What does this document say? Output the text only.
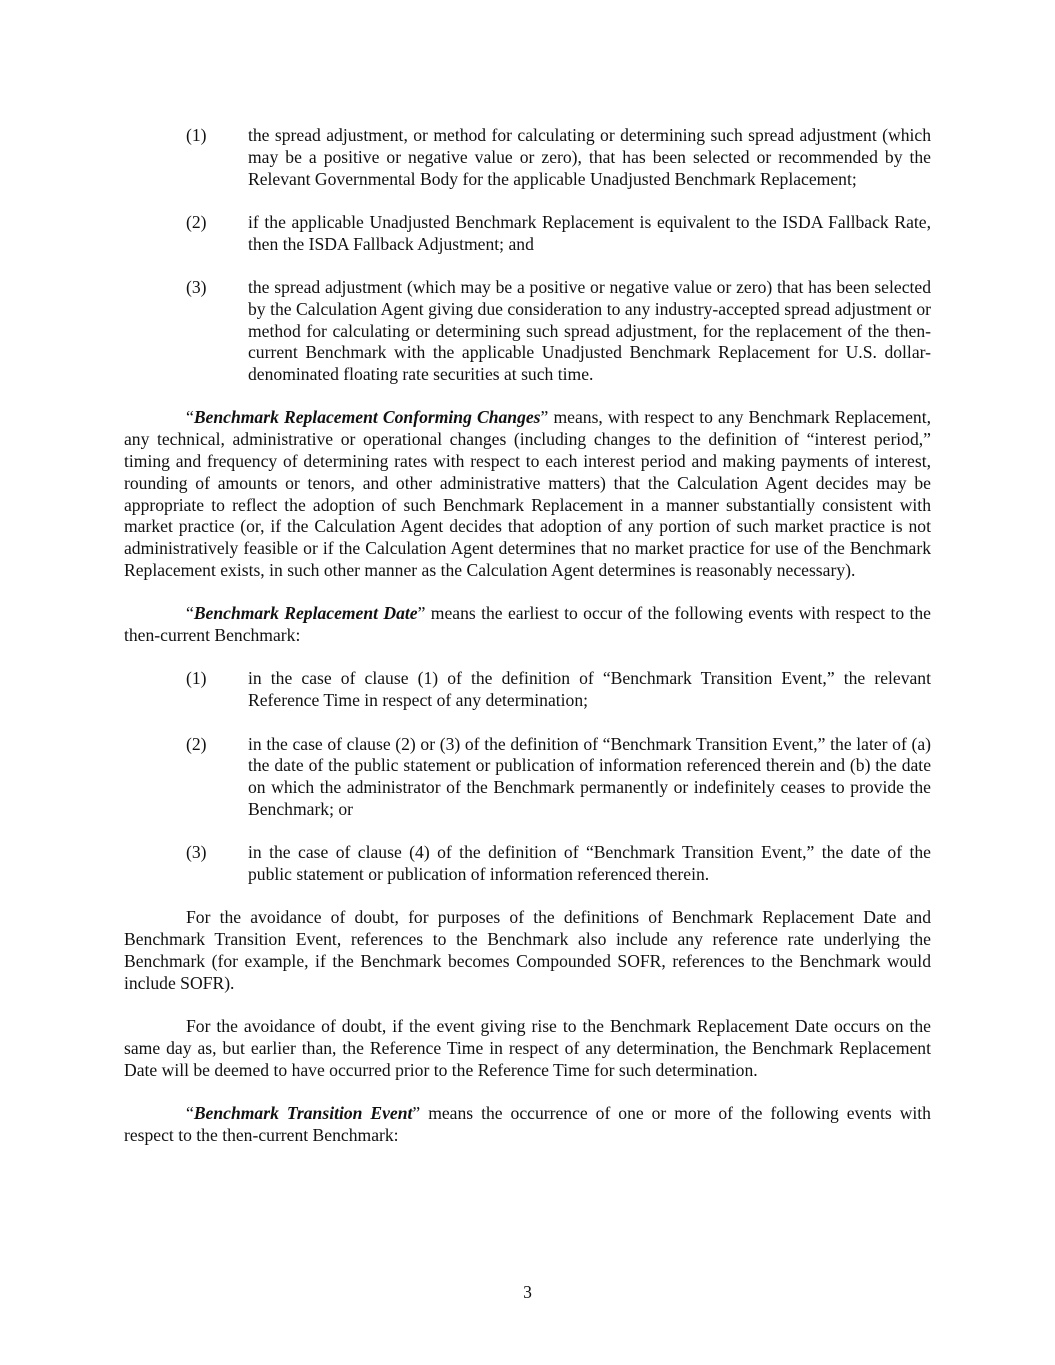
(1)	the spread adjustment, or method for calculating or determining such spread adjustment (which may be a positive or negative value or zero), that has been selected or recommended by the Relevant Governmental Body for the applicable Unadjusted Benchmark Replacement;
(2)	if the applicable Unadjusted Benchmark Replacement is equivalent to the ISDA Fallback Rate, then the ISDA Fallback Adjustment; and
(3)	the spread adjustment (which may be a positive or negative value or zero) that has been selected by the Calculation Agent giving due consideration to any industry-accepted spread adjustment or method for calculating or determining such spread adjustment, for the replacement of the then-current Benchmark with the applicable Unadjusted Benchmark Replacement for U.S. dollar-denominated floating rate securities at such time.

“Benchmark Replacement Conforming Changes” means, with respect to any Benchmark Replacement, any technical, administrative or operational changes (including changes to the definition of “interest period,” timing and frequency of determining rates with respect to each interest period and making payments of interest, rounding of amounts or tenors, and other administrative matters) that the Calculation Agent decides may be appropriate to reflect the adoption of such Benchmark Replacement in a manner substantially consistent with market practice (or, if the Calculation Agent decides that adoption of any portion of such market practice is not administratively feasible or if the Calculation Agent determines that no market practice for use of the Benchmark Replacement exists, in such other manner as the Calculation Agent determines is reasonably necessary).

“Benchmark Replacement Date” means the earliest to occur of the following events with respect to the then-current Benchmark:

(1)	in the case of clause (1) of the definition of “Benchmark Transition Event,” the relevant Reference Time in respect of any determination;
(2)	in the case of clause (2) or (3) of the definition of “Benchmark Transition Event,” the later of (a) the date of the public statement or publication of information referenced therein and (b) the date on which the administrator of the Benchmark permanently or indefinitely ceases to provide the Benchmark; or
(3)	in the case of clause (4) of the definition of “Benchmark Transition Event,” the date of the public statement or publication of information referenced therein.

For the avoidance of doubt, for purposes of the definitions of Benchmark Replacement Date and Benchmark Transition Event, references to the Benchmark also include any reference rate underlying the Benchmark (for example, if the Benchmark becomes Compounded SOFR, references to the Benchmark would include SOFR).

For the avoidance of doubt, if the event giving rise to the Benchmark Replacement Date occurs on the same day as, but earlier than, the Reference Time in respect of any determination, the Benchmark Replacement Date will be deemed to have occurred prior to the Reference Time for such determination.

“Benchmark Transition Event” means the occurrence of one or more of the following events with respect to the then-current Benchmark:

3
